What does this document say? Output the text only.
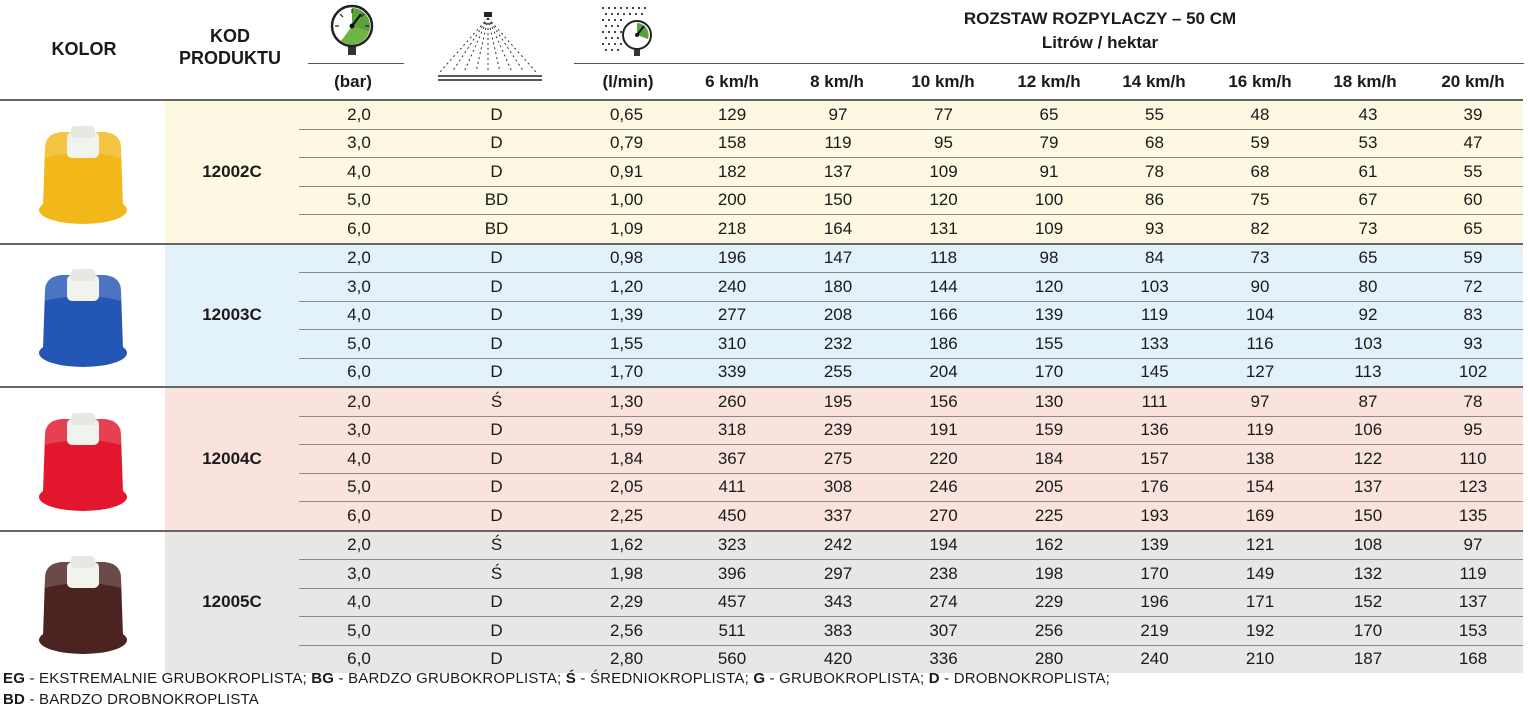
KOLOR
KOD
PRODUKTU
(bar)	(l/min)
ROZSTAW ROZPYLACZY – 50 CM
Litrów / hektar
6 km/h	8 km/h	10 km/h	12 km/h	14 km/h	16 km/h	18 km/h	20 km/h
	12002C	2,0	D	0,65	129	97	77	65	55	48	43	39
		3,0	D	0,79	158	119	95	79	68	59	53	47
		4,0	D	0,91	182	137	109	91	78	68	61	55
		5,0	BD	1,00	200	150	120	100	86	75	67	60
		6,0	BD	1,09	218	164	131	109	93	82	73	65

	12003C	2,0	D	0,98	196	147	118	98	84	73	65	59
		3,0	D	1,20	240	180	144	120	103	90	80	72
		4,0	D	1,39	277	208	166	139	119	104	92	83
		5,0	D	1,55	310	232	186	155	133	116	103	93
		6,0	D	1,70	339	255	204	170	145	127	113	102

	12004C	2,0	Ś	1,30	260	195	156	130	111	97	87	78
		3,0	D	1,59	318	239	191	159	136	119	106	95
		4,0	D	1,84	367	275	220	184	157	138	122	110
		5,0	D	2,05	411	308	246	205	176	154	137	123
		6,0	D	2,25	450	337	270	225	193	169	150	135

	12005C	2,0	Ś	1,62	323	242	194	162	139	121	108	97
		3,0	Ś	1,98	396	297	238	198	170	149	132	119
		4,0	D	2,29	457	343	274	229	196	171	152	137
		5,0	D	2,56	511	383	307	256	219	192	170	153
		6,0	D	2,80	560	420	336	280	240	210	187	168
EG - EKSTREMALNIE GRUBOKROPLISTA; BG - BARDZO GRUBOKROPLISTA; Ś - ŚREDNIOKROPLISTA; G - GRUBOKROPLISTA; D - DROBNOKROPLISTA;
BD - BARDZO DROBNOKROPLISTA
